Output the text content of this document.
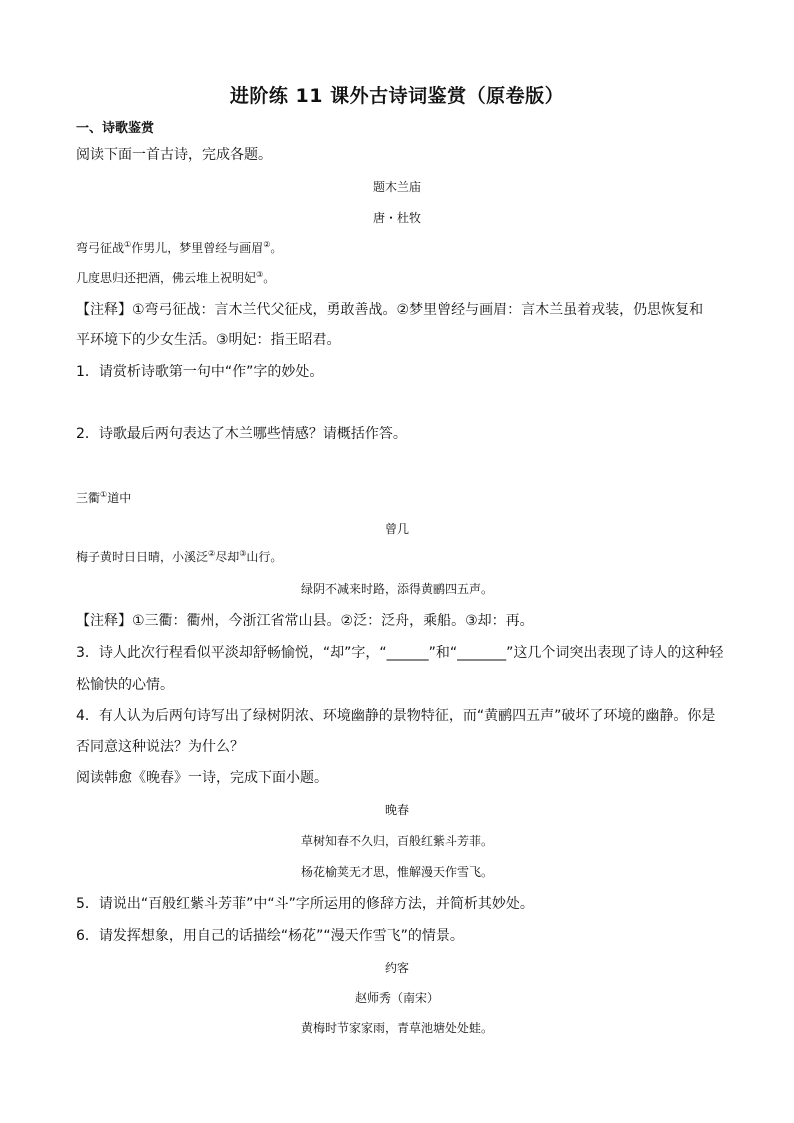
进阶练 11 课外古诗词鉴赏（原卷版）
一、诗歌鉴赏
阅读下面一首古诗，完成各题。
题木兰庙
唐・杜牧
弯弓征战①作男儿，梦里曾经与画眉②。
几度思归还把酒，佛云堆上祝明妃③。
【注释】①弯弓征战：言木兰代父征戍，勇敢善战。②梦里曾经与画眉：言木兰虽着戎装，仍思恢复和
平环境下的少女生活。③明妃：指王昭君。
1．请赏析诗歌第一句中“作”字的妙处。
2．诗歌最后两句表达了木兰哪些情感？请概括作答。
三衢①道中
曾几
梅子黄时日日晴，小溪泛②尽却③山行。
绿阴不减来时路，添得黄鹂四五声。
【注释】①三衢：衢州，今浙江省常山县。②泛：泛舟，乘船。③却：再。
3．诗人此次行程看似平淡却舒畅愉悦，“却”字，“______”和“_______”这几个词突出表现了诗人的这种轻
松愉快的心情。
4．有人认为后两句诗写出了绿树阴浓、环境幽静的景物特征，而“黄鹂四五声”破坏了环境的幽静。你是
否同意这种说法？为什么？
阅读韩愈《晚春》一诗，完成下面小题。
晚春
草树知春不久归，百般红紫斗芳菲。
杨花榆荚无才思，惟解漫天作雪飞。
5．请说出“百般红紫斗芳菲”中“斗”字所运用的修辞方法，并简析其妙处。
6．请发挥想象，用自己的话描绘“杨花”“漫天作雪飞”的情景。
约客
赵师秀（南宋）
黄梅时节家家雨，青草池塘处处蛙。
